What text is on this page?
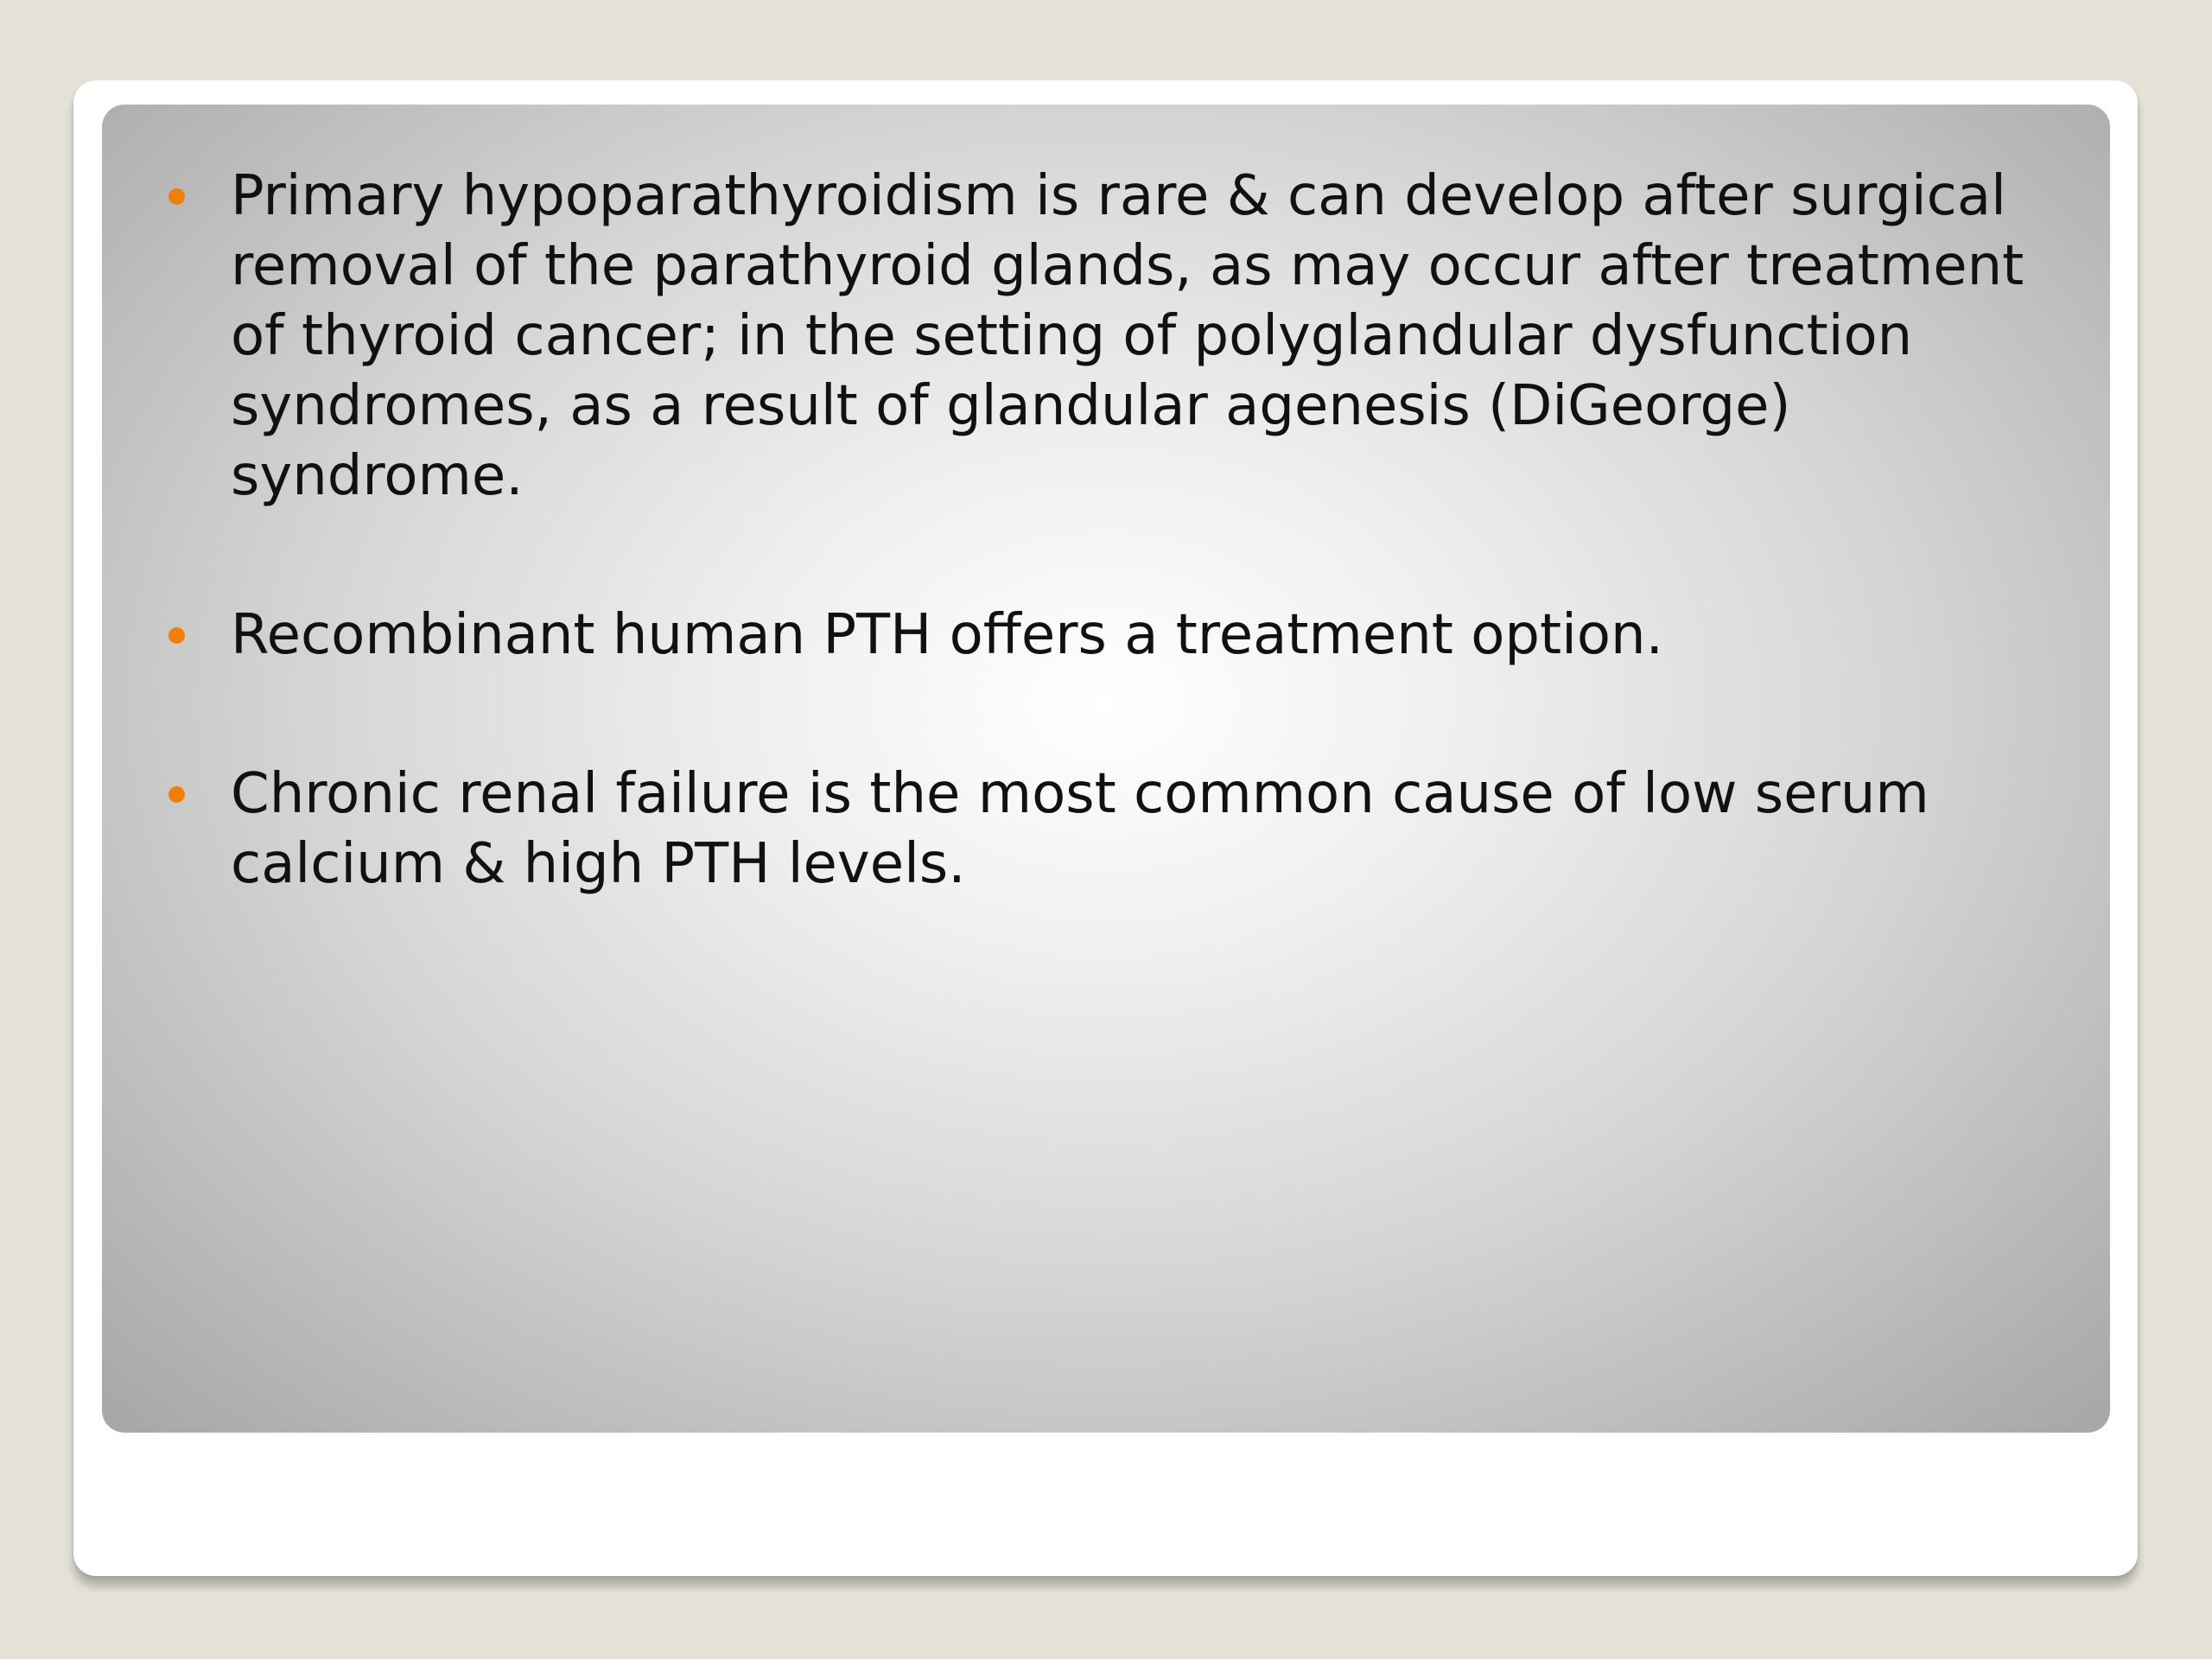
Primary hypoparathyroidism is rare & can develop after surgical removal of the parathyroid glands, as may occur after treatment of thyroid cancer; in the setting of polyglandular dysfunction syndromes, as a result of glandular agenesis (DiGeorge) syndrome.

Recombinant human PTH offers a treatment option.

Chronic renal failure is the most common cause of low serum calcium & high PTH levels.
